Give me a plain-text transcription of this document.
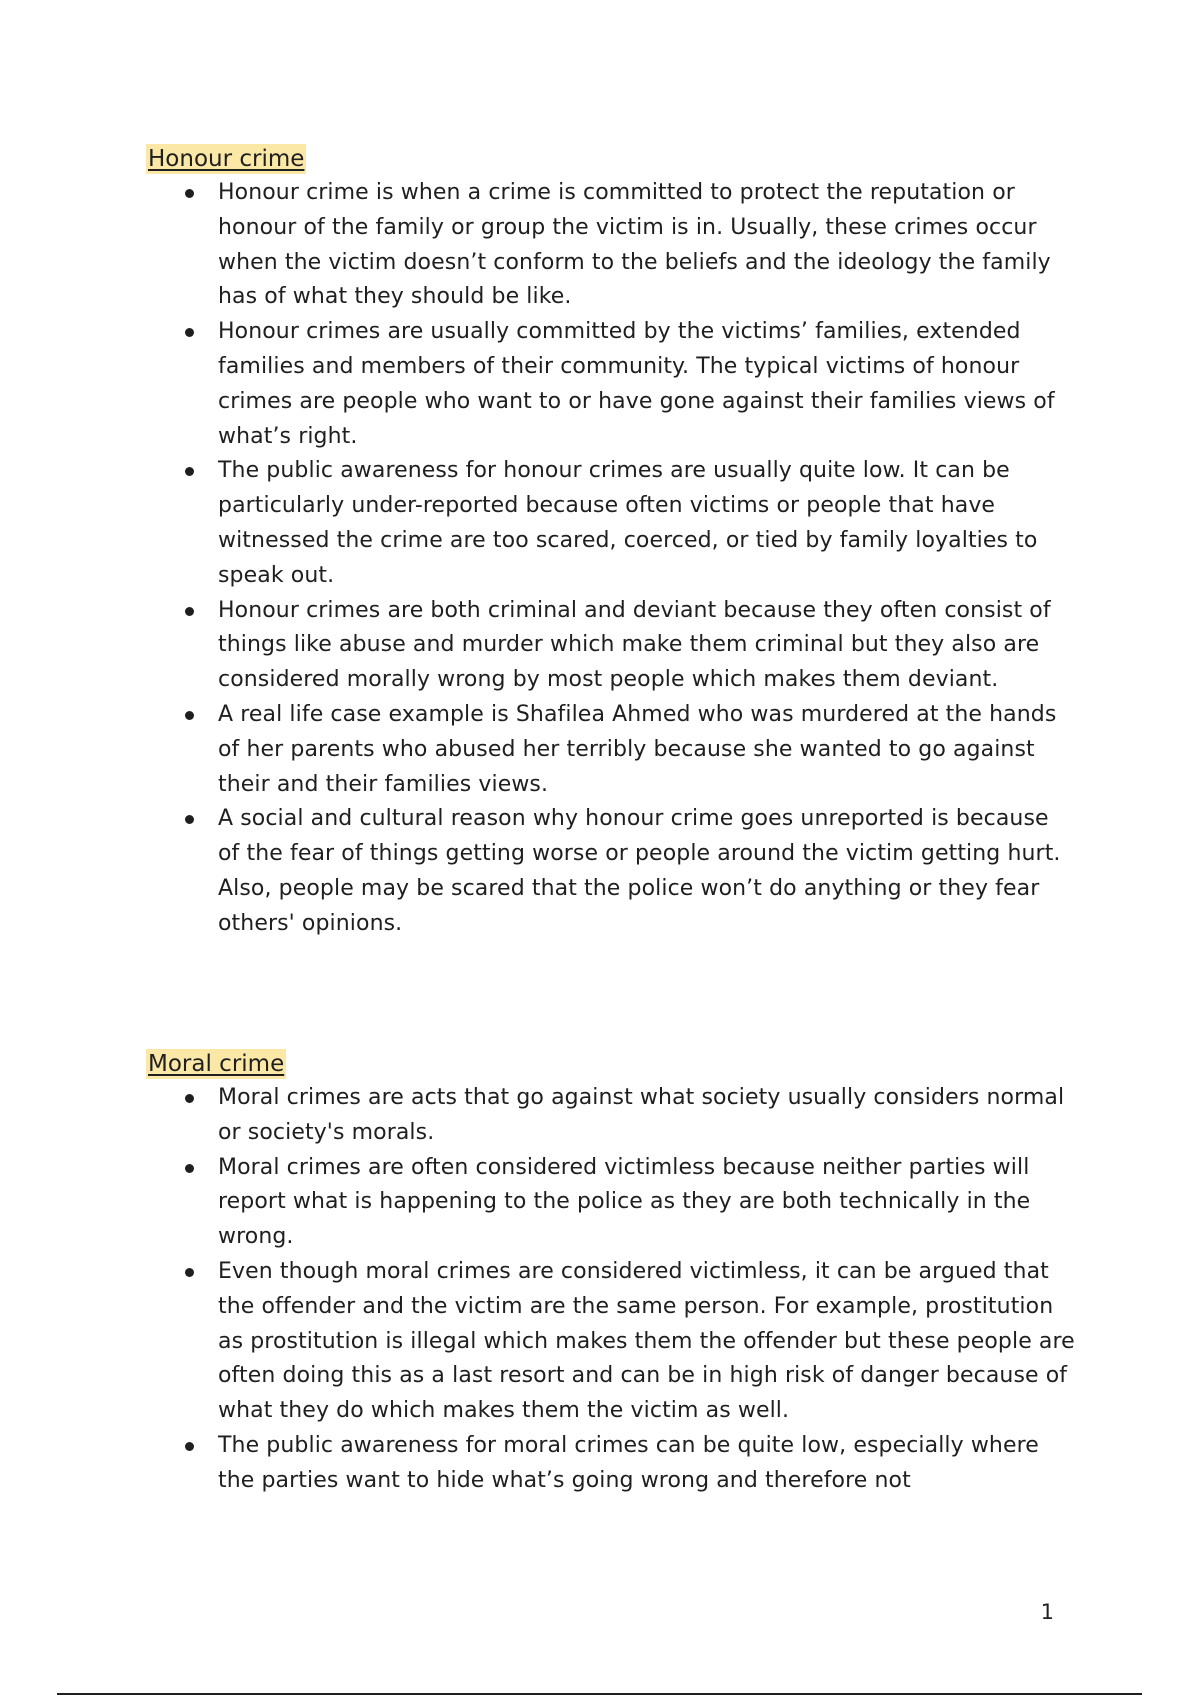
Honour crime
Honour crime is when a crime is committed to protect the reputation or honour of the family or group the victim is in. Usually, these crimes occur when the victim doesn’t conform to the beliefs and the ideology the family has of what they should be like.
Honour crimes are usually committed by the victims’ families, extended families and members of their community. The typical victims of honour crimes are people who want to or have gone against their families views of what’s right.
The public awareness for honour crimes are usually quite low. It can be particularly under-reported because often victims or people that have witnessed the crime are too scared, coerced, or tied by family loyalties to speak out.
Honour crimes are both criminal and deviant because they often consist of things like abuse and murder which make them criminal but they also are considered morally wrong by most people which makes them deviant.
A real life case example is Shafilea Ahmed who was murdered at the hands of her parents who abused her terribly because she wanted to go against their and their families views.
A social and cultural reason why honour crime goes unreported is because of the fear of things getting worse or people around the victim getting hurt. Also, people may be scared that the police won’t do anything or they fear others' opinions.
Moral crime
Moral crimes are acts that go against what society usually considers normal or society's morals.
Moral crimes are often considered victimless because neither parties will report what is happening to the police as they are both technically in the wrong.
Even though moral crimes are considered victimless, it can be argued that the offender and the victim are the same person. For example, prostitution as prostitution is illegal which makes them the offender but these people are often doing this as a last resort and can be in high risk of danger because of what they do which makes them the victim as well.
The public awareness for moral crimes can be quite low, especially where the parties want to hide what’s going wrong and therefore not
1
